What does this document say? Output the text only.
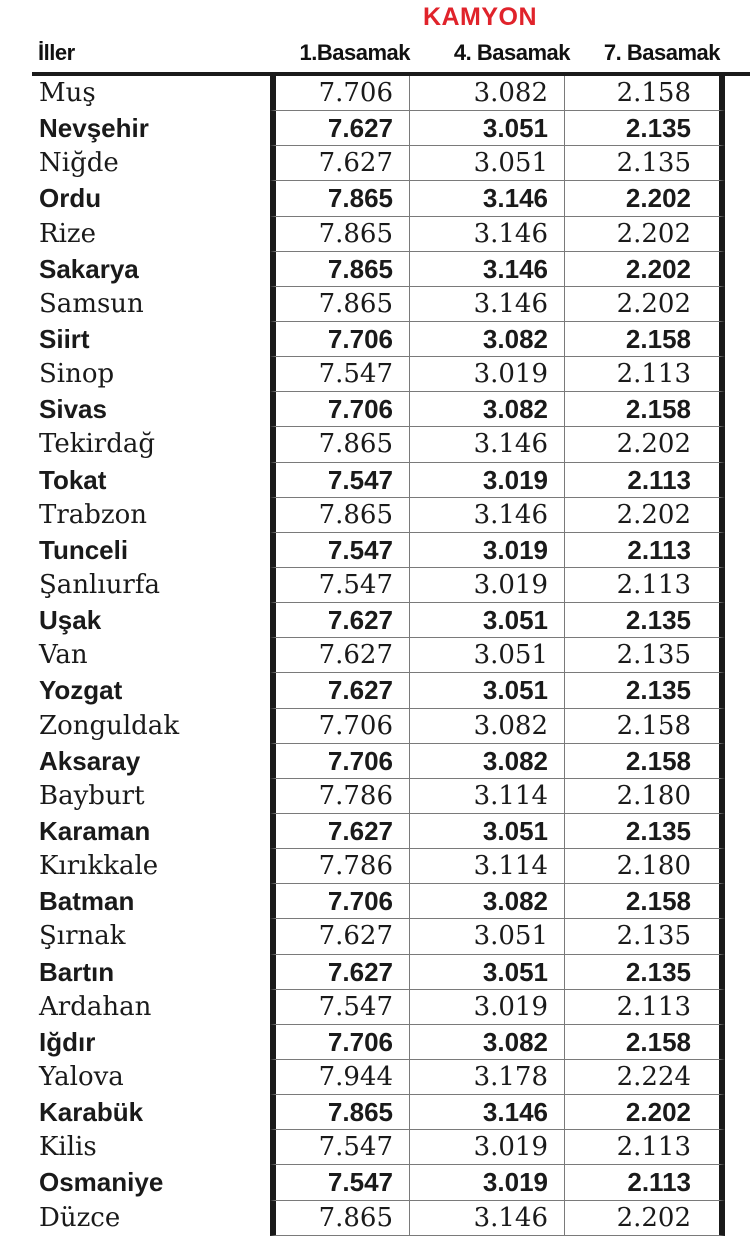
KAMYON
İller	1.Basamak	4. Basamak	7. Basamak
Muş	7.706	3.082	2.158
Nevşehir	7.627	3.051	2.135
Niğde	7.627	3.051	2.135
Ordu	7.865	3.146	2.202
Rize	7.865	3.146	2.202
Sakarya	7.865	3.146	2.202
Samsun	7.865	3.146	2.202
Siirt	7.706	3.082	2.158
Sinop	7.547	3.019	2.113
Sivas	7.706	3.082	2.158
Tekirdağ	7.865	3.146	2.202
Tokat	7.547	3.019	2.113
Trabzon	7.865	3.146	2.202
Tunceli	7.547	3.019	2.113
Şanlıurfa	7.547	3.019	2.113
Uşak	7.627	3.051	2.135
Van	7.627	3.051	2.135
Yozgat	7.627	3.051	2.135
Zonguldak	7.706	3.082	2.158
Aksaray	7.706	3.082	2.158
Bayburt	7.786	3.114	2.180
Karaman	7.627	3.051	2.135
Kırıkkale	7.786	3.114	2.180
Batman	7.706	3.082	2.158
Şırnak	7.627	3.051	2.135
Bartın	7.627	3.051	2.135
Ardahan	7.547	3.019	2.113
Iğdır	7.706	3.082	2.158
Yalova	7.944	3.178	2.224
Karabük	7.865	3.146	2.202
Kilis	7.547	3.019	2.113
Osmaniye	7.547	3.019	2.113
Düzce	7.865	3.146	2.202
